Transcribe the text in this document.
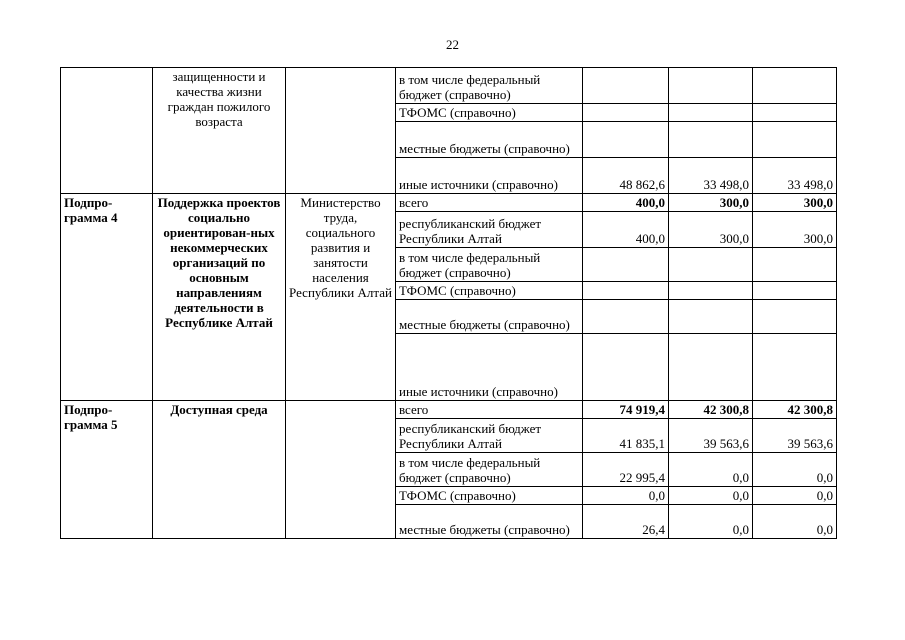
22
	защищенности и качества жизни граждан пожилого возраста		в том числе федеральный бюджет (справочно)			
			ТФОМС (справочно)			
			местные бюджеты (справочно)			
			иные источники (справочно)	48 862,6	33 498,0	33 498,0
Подпро-грамма 4	Поддержка проектов социально ориентирован-ных некоммерческих организаций по основным направлениям деятельности в Республике Алтай	Министерство труда, социального развития и занятости населения Республики Алтай	всего	400,0	300,0	300,0
			республиканский бюджет Республики Алтай	400,0	300,0	300,0
			в том числе федеральный бюджет (справочно)			
			ТФОМС (справочно)			
			местные бюджеты (справочно)			
			иные источники (справочно)			
Подпро-грамма 5	Доступная среда		всего	74 919,4	42 300,8	42 300,8
			республиканский бюджет Республики Алтай	41 835,1	39 563,6	39 563,6
			в том числе федеральный бюджет (справочно)	22 995,4	0,0	0,0
			ТФОМС (справочно)	0,0	0,0	0,0
			местные бюджеты (справочно)	26,4	0,0	0,0
